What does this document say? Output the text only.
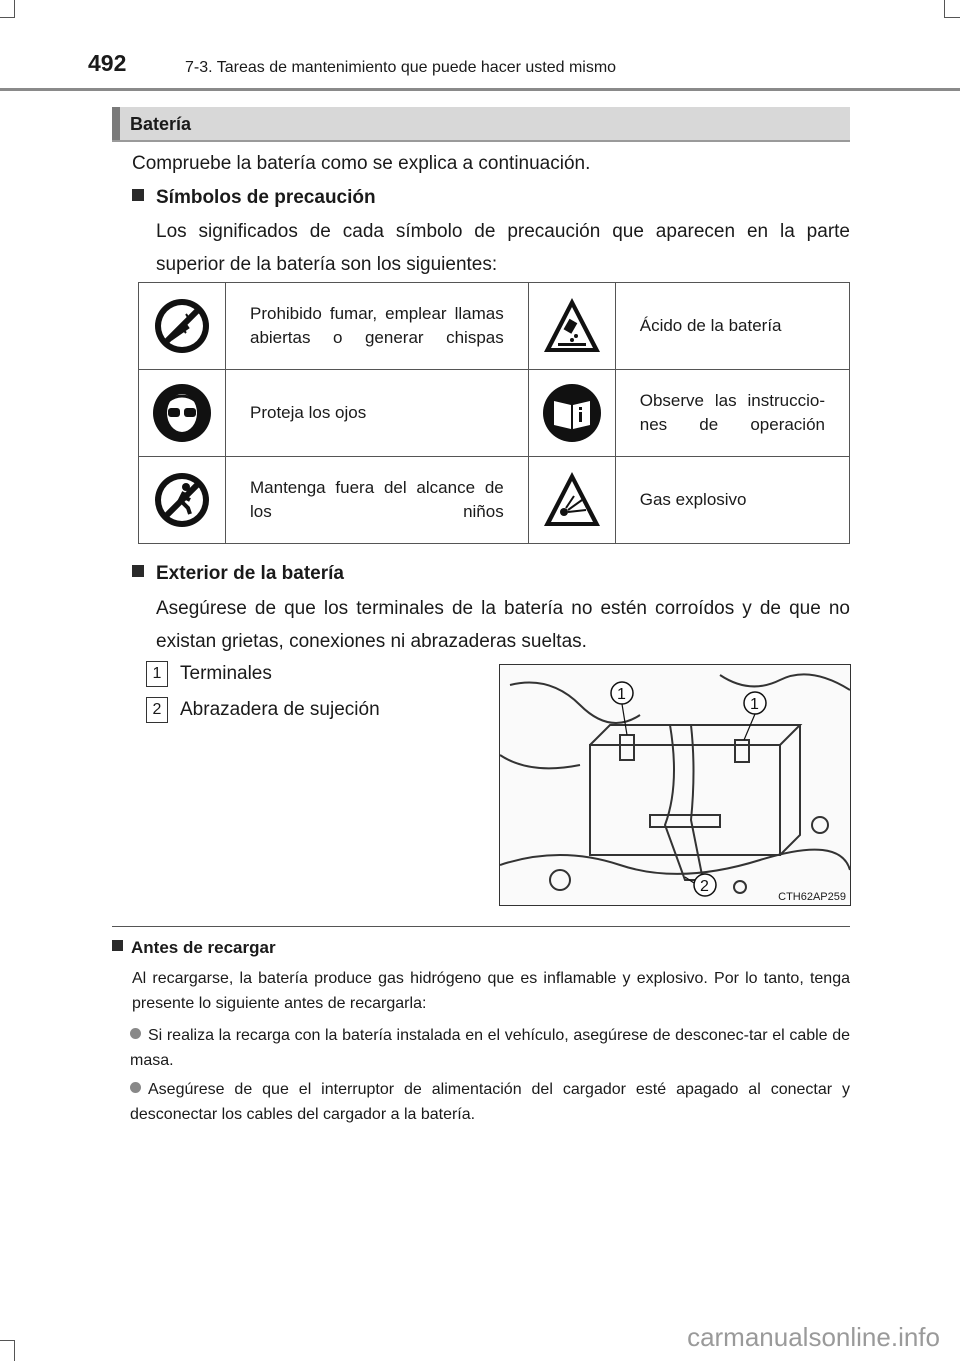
492	7-3. Tareas de mantenimiento que puede hacer usted mismo
Batería
Compruebe la batería como se explica a continuación.
Símbolos de precaución
Los significados de cada símbolo de precaución que aparecen en la parte superior de la batería son los siguientes:
	Prohibido fumar, emplear llamas abiertas o generar chispas		Ácido de la batería
	Proteja los ojos		Observe las instruccio-nes de operación
	Mantenga fuera del alcance de los niños		Gas explosivo
Exterior de la batería
Asegúrese de que los terminales de la batería no estén corroídos y de que no existan grietas, conexiones ni abrazaderas sueltas.
1 Terminales
2 Abrazadera de sujeción
1
1
2
CTH62AP259
Antes de recargar
Al recargarse, la batería produce gas hidrógeno que es inflamable y explosivo. Por lo tanto, tenga presente lo siguiente antes de recargarla:
Si realiza la recarga con la batería instalada en el vehículo, asegúrese de desconec-tar el cable de masa.
Asegúrese de que el interruptor de alimentación del cargador esté apagado al conectar y desconectar los cables del cargador a la batería.
carmanualsonline.info
